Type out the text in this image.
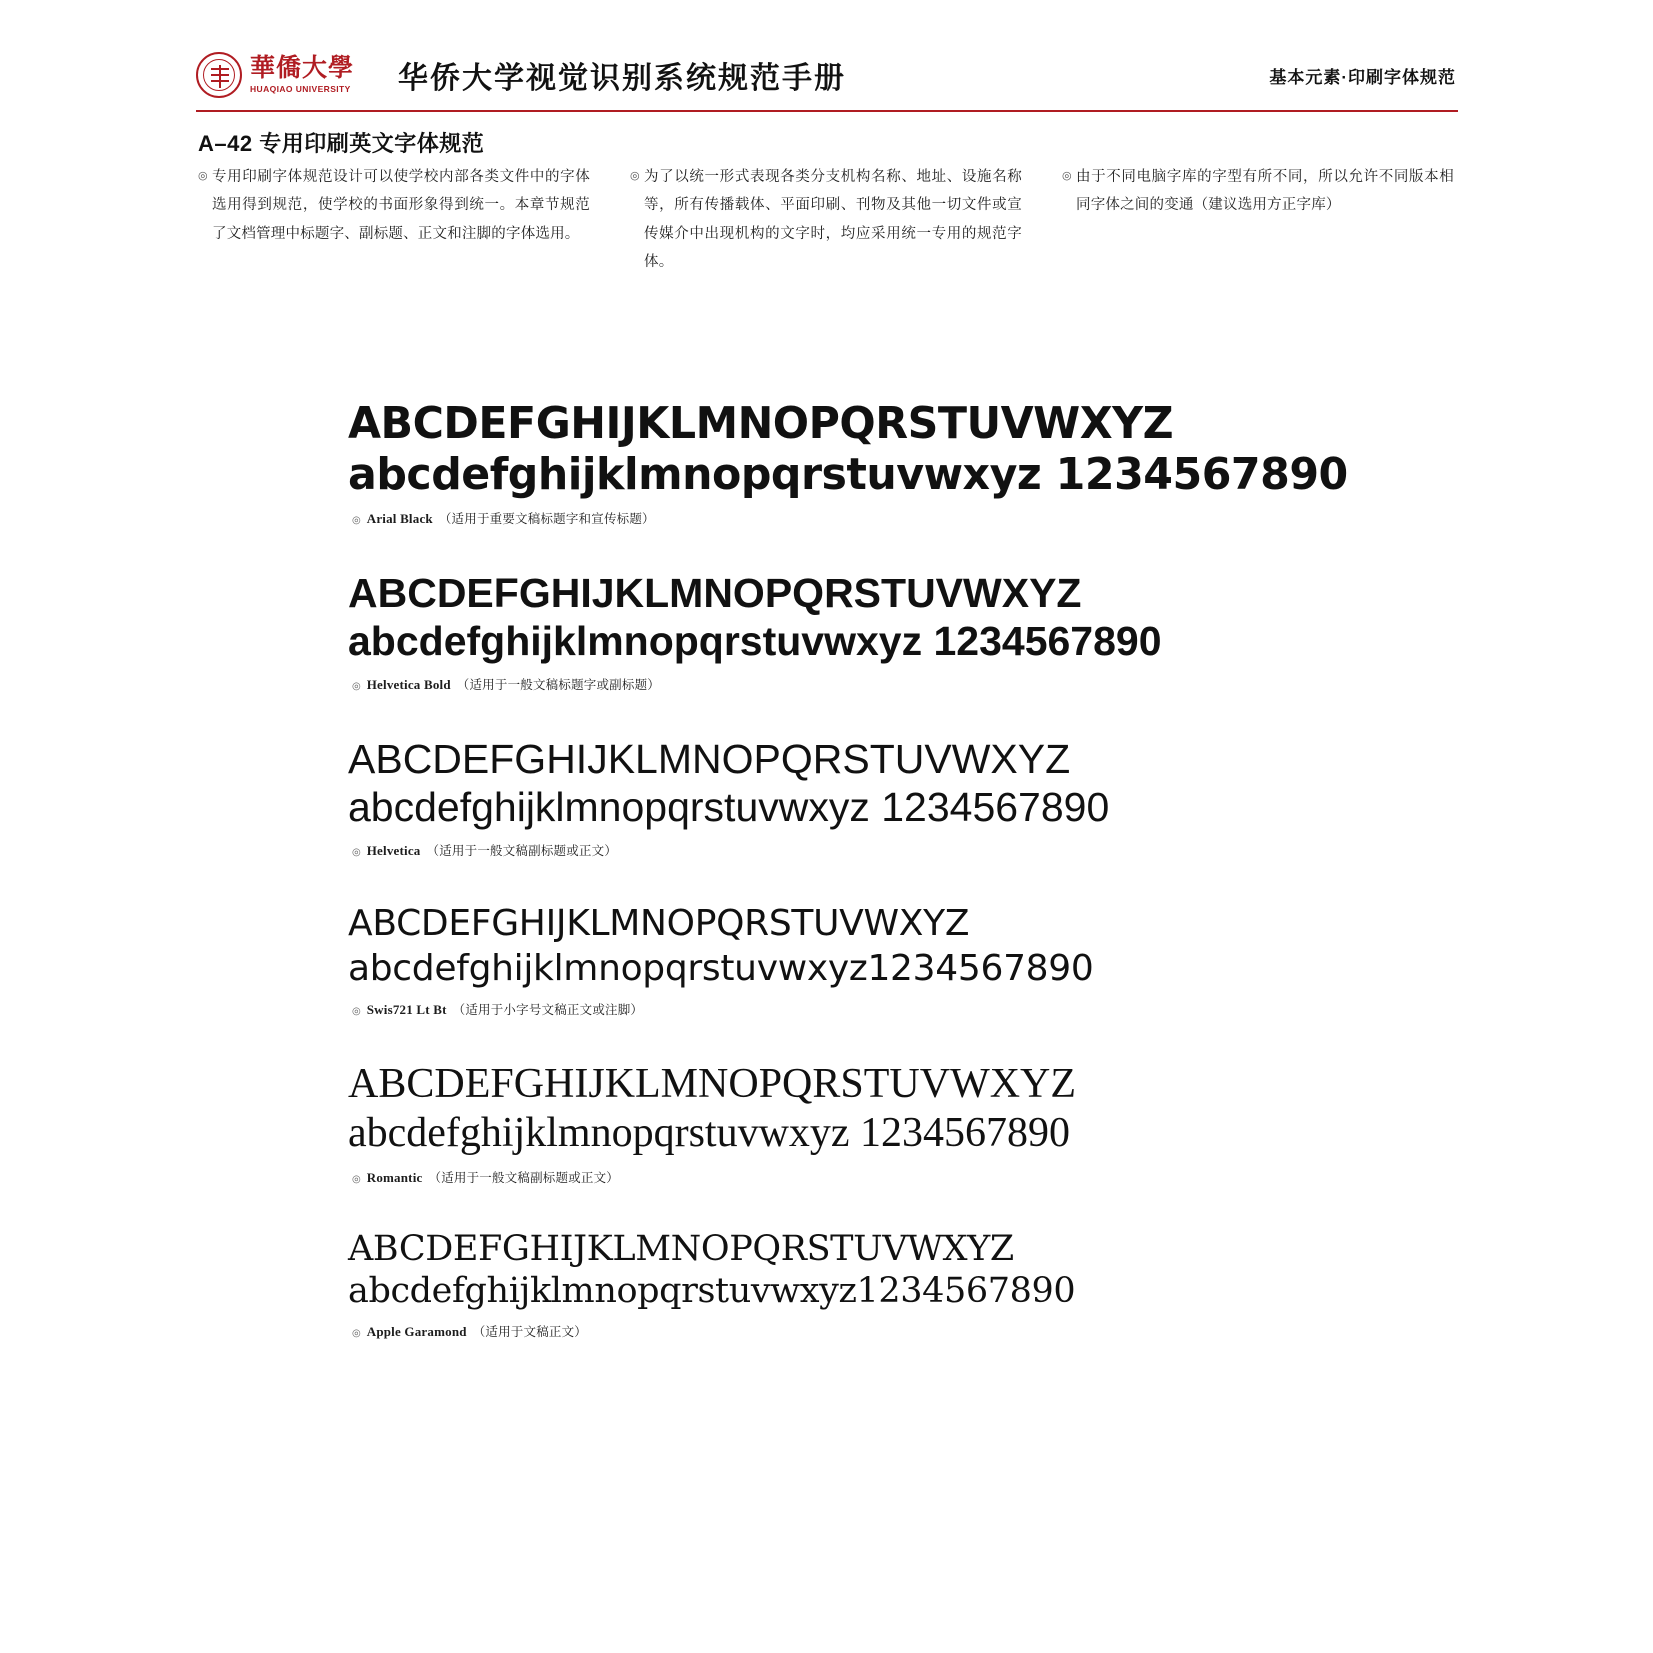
華僑大學
HUAQIAO UNIVERSITY 华侨大学视觉识别系统规范手册	基本元素·印刷字体规范
A–42 专用印刷英文字体规范
◎ 专用印刷字体规范设计可以使学校内部各类文件中的字体选用得到规范，使学校的书面形象得到统一。本章节规范了文档管理中标题字、副标题、正文和注脚的字体选用。
◎ 为了以统一形式表现各类分支机构名称、地址、设施名称等，所有传播载体、平面印刷、刊物及其他一切文件或宣传媒介中出现机构的文字时，均应采用统一专用的规范字体。
◎ 由于不同电脑字库的字型有所不同，所以允许不同版本相同字体之间的变通（建议选用方正字库）
ABCDEFGHIJKLMNOPQRSTUVWXYZ
abcdefghijklmnopqrstuvwxyz 1234567890
◎ Arial Black （适用于重要文稿标题字和宣传标题）
ABCDEFGHIJKLMNOPQRSTUVWXYZ
abcdefghijklmnopqrstuvwxyz 1234567890
◎ Helvetica Bold （适用于一般文稿标题字或副标题）
ABCDEFGHIJKLMNOPQRSTUVWXYZ
abcdefghijklmnopqrstuvwxyz 1234567890
◎ Helvetica （适用于一般文稿副标题或正文）
ABCDEFGHIJKLMNOPQRSTUVWXYZ
abcdefghijklmnopqrstuvwxyz1234567890
◎ Swis721 Lt Bt （适用于小字号文稿正文或注脚）
ABCDEFGHIJKLMNOPQRSTUVWXYZ
abcdefghijklmnopqrstuvwxyz 1234567890
◎ Romantic （适用于一般文稿副标题或正文）
ABCDEFGHIJKLMNOPQRSTUVWXYZ
abcdefghijklmnopqrstuvwxyz1234567890
◎ Apple Garamond （适用于文稿正文）
